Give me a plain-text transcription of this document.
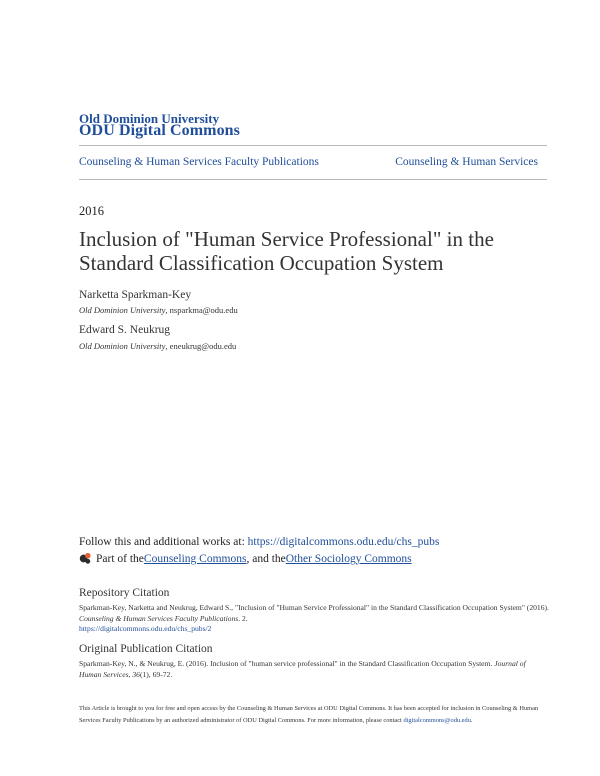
Old Dominion University
ODU Digital Commons
Counseling & Human Services Faculty Publications	Counseling & Human Services
2016
Inclusion of "Human Service Professional" in the Standard Classification Occupation System
Narketta Sparkman-Key
Old Dominion University, nsparkma@odu.edu
Edward S. Neukrug
Old Dominion University, eneukrug@odu.edu
Follow this and additional works at: https://digitalcommons.odu.edu/chs_pubs
Part of the Counseling Commons , and the Other Sociology Commons
Repository Citation
Sparkman-Key, Narketta and Neukrug, Edward S., "Inclusion of "Human Service Professional" in the Standard Classification Occupation System" (2016). Counseling & Human Services Faculty Publications. 2.
https://digitalcommons.odu.edu/chs_pubs/2
Original Publication Citation
Sparkman-Key, N., & Neukrug, E. (2016). Inclusion of "human service professional" in the Standard Classification Occupation System. Journal of Human Services, 36(1), 69-72.
This Article is brought to you for free and open access by the Counseling & Human Services at ODU Digital Commons. It has been accepted for inclusion in Counseling & Human Services Faculty Publications by an authorized administrator of ODU Digital Commons. For more information, please contact digitalcommons@odu.edu.
